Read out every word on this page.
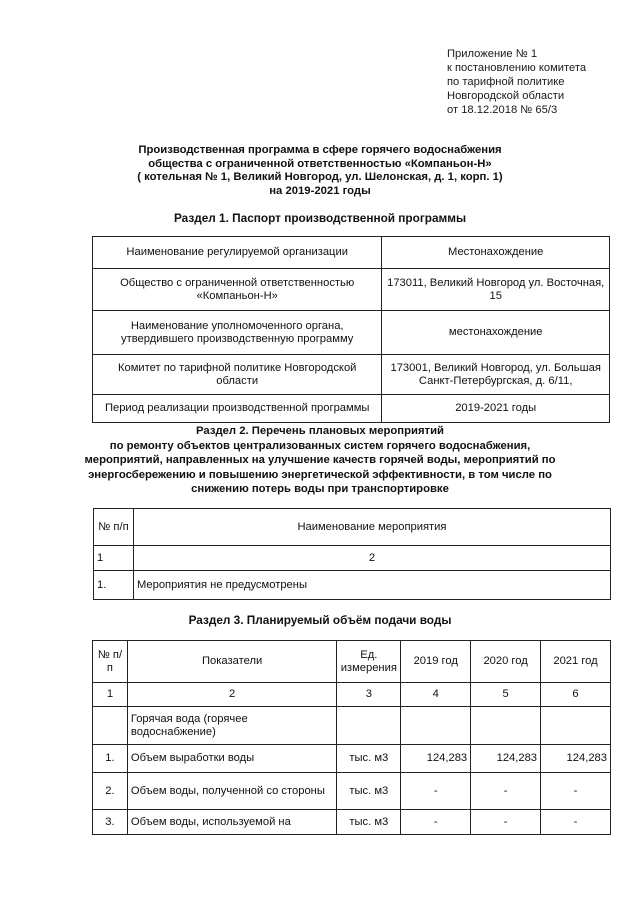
Приложение № 1
к постановлению комитета
по тарифной политике
Новгородской области
от 18.12.2018 № 65/3
Производственная программа в сфере горячего водоснабжения
общества с ограниченной ответственностью «Компаньон-Н»
( котельная № 1, Великий Новгород, ул. Шелонская, д. 1, корп. 1)
на 2019-2021 годы
Раздел 1. Паспорт производственной программы
Наименование регулируемой организации	Местонахождение
Общество с ограниченной ответственностью «Компаньон-Н»	173011, Великий Новгород ул. Восточная, 15
Наименование уполномоченного органа, утвердившего производственную программу	местонахождение
Комитет по тарифной политике Новгородской области	173001, Великий Новгород, ул. Большая Санкт-Петербургская, д. 6/11,
Период реализации производственной программы	2019-2021 годы
Раздел 2. Перечень плановых мероприятий
по ремонту объектов централизованных систем горячего водоснабжения,
мероприятий, направленных на улучшение качеств горячей воды, мероприятий по
энергосбережению и повышению энергетической эффективности, в том числе по
снижению потерь воды при транспортировке
№ п/п	Наименование мероприятия
1	2
1.	Мероприятия не предусмотрены
Раздел 3. Планируемый объём подачи воды
№ п/п	Показатели	Ед. измерения	2019 год	2020 год	2021 год
1	2	3	4	5	6
	Горячая вода (горячее водоснабжение)				
1.	Объем выработки воды	тыс. м3	124,283	124,283	124,283
2.	Объем воды, полученной со стороны	тыс. м3	-	-	-
3.	Объем воды, используемой на	тыс. м3	-	-	-
